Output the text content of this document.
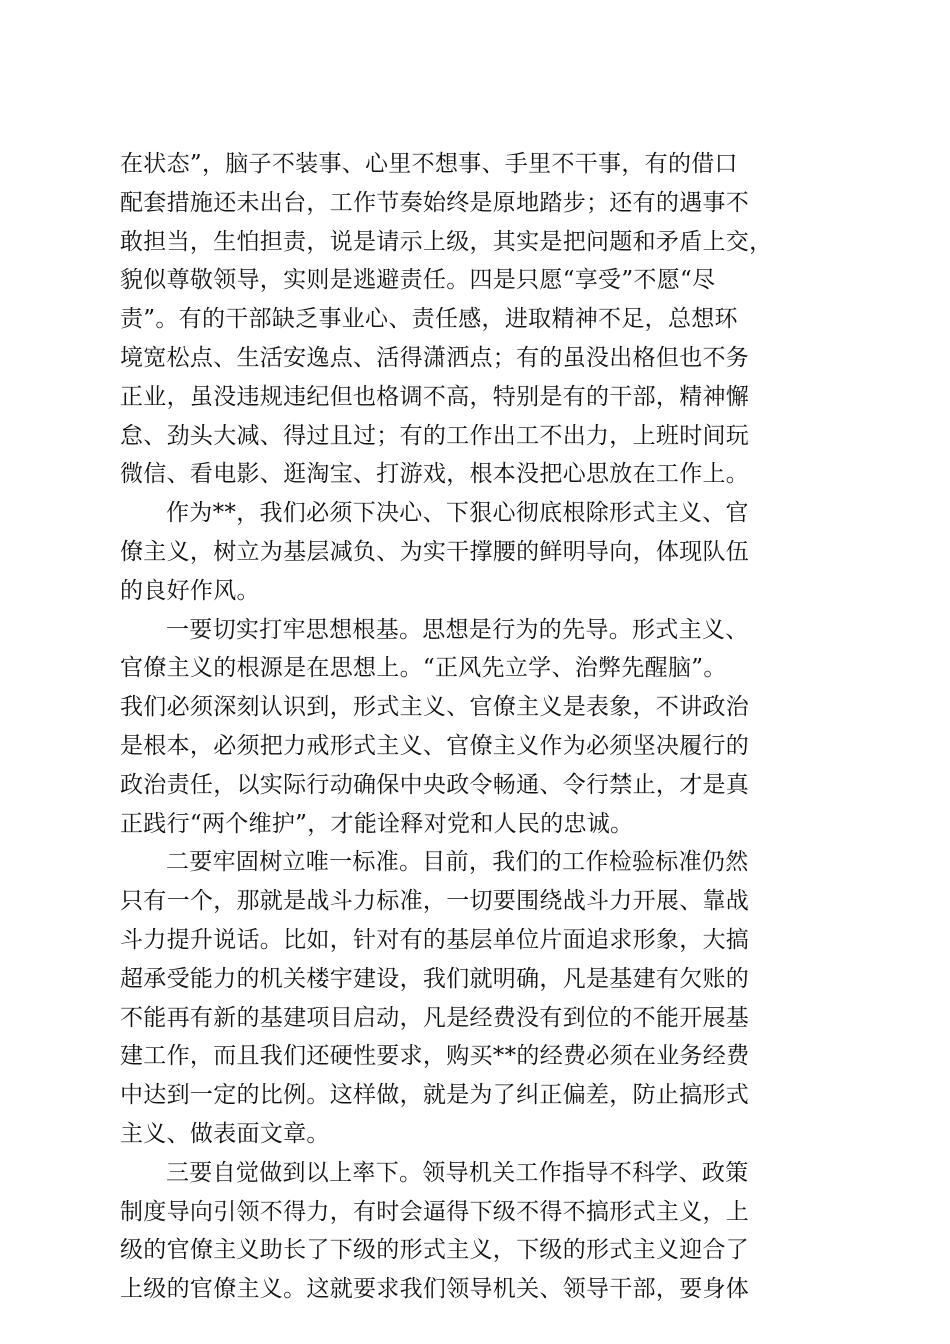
在状态”，脑子不装事、心里不想事、手里不干事，有的借口
配套措施还未出台，工作节奏始终是原地踏步；还有的遇事不
敢担当，生怕担责，说是请示上级，其实是把问题和矛盾上交，
貌似尊敬领导，实则是逃避责任。四是只愿“享受”不愿“尽
责”。有的干部缺乏事业心、责任感，进取精神不足，总想环
境宽松点、生活安逸点、活得潇洒点；有的虽没出格但也不务
正业，虽没违规违纪但也格调不高，特别是有的干部，精神懈
怠、劲头大减、得过且过；有的工作出工不出力，上班时间玩
微信、看电影、逛淘宝、打游戏，根本没把心思放在工作上。
作为**，我们必须下决心、下狠心彻底根除形式主义、官
僚主义，树立为基层减负、为实干撑腰的鲜明导向，体现队伍
的良好作风。
一要切实打牢思想根基。思想是行为的先导。形式主义、
官僚主义的根源是在思想上。“正风先立学、治弊先醒脑”。
我们必须深刻认识到，形式主义、官僚主义是表象，不讲政治
是根本，必须把力戒形式主义、官僚主义作为必须坚决履行的
政治责任，以实际行动确保中央政令畅通、令行禁止，才是真
正践行“两个维护”，才能诠释对党和人民的忠诚。
二要牢固树立唯一标准。目前，我们的工作检验标准仍然
只有一个，那就是战斗力标准，一切要围绕战斗力开展、靠战
斗力提升说话。比如，针对有的基层单位片面追求形象，大搞
超承受能力的机关楼宇建设，我们就明确，凡是基建有欠账的
不能再有新的基建项目启动，凡是经费没有到位的不能开展基
建工作，而且我们还硬性要求，购买**的经费必须在业务经费
中达到一定的比例。这样做，就是为了纠正偏差，防止搞形式
主义、做表面文章。
三要自觉做到以上率下。领导机关工作指导不科学、政策
制度导向引领不得力，有时会逼得下级不得不搞形式主义，上
级的官僚主义助长了下级的形式主义，下级的形式主义迎合了
上级的官僚主义。这就要求我们领导机关、领导干部，要身体
